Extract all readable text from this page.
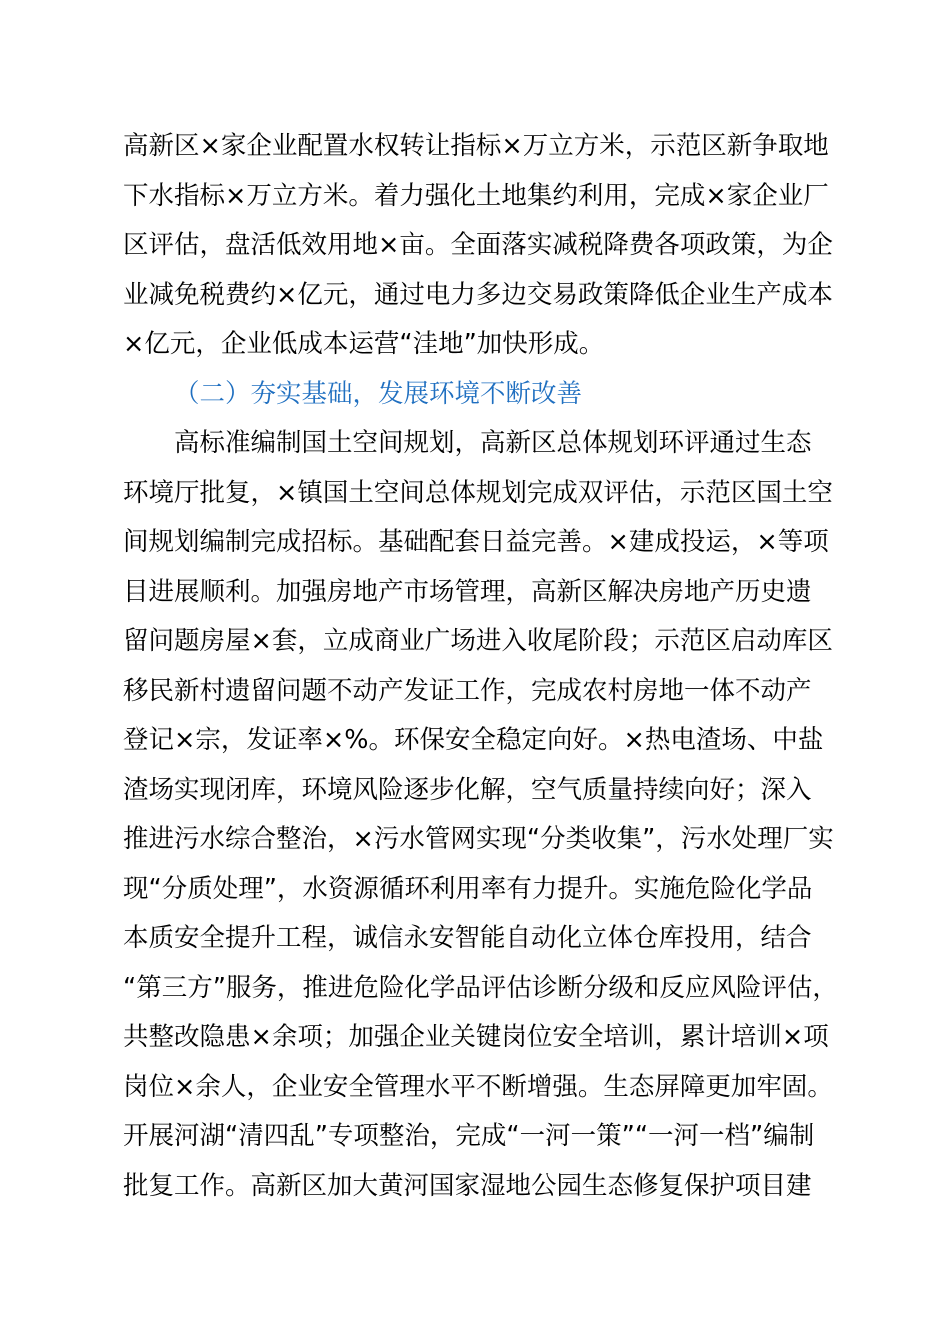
高新区×家企业配置水权转让指标×万立方米，示范区新争取地
下水指标×万立方米。着力强化土地集约利用，完成×家企业厂
区评估，盘活低效用地×亩。全面落实减税降费各项政策，为企
业减免税费约×亿元，通过电力多边交易政策降低企业生产成本
×亿元，企业低成本运营“洼地”加快形成。
（二）夯实基础，发展环境不断改善
高标准编制国土空间规划，高新区总体规划环评通过生态
环境厅批复，×镇国土空间总体规划完成双评估，示范区国土空
间规划编制完成招标。基础配套日益完善。×建成投运，×等项
目进展顺利。加强房地产市场管理，高新区解决房地产历史遗
留问题房屋×套，立成商业广场进入收尾阶段；示范区启动库区
移民新村遗留问题不动产发证工作，完成农村房地一体不动产
登记×宗，发证率×%。环保安全稳定向好。×热电渣场、中盐
渣场实现闭库，环境风险逐步化解，空气质量持续向好；深入
推进污水综合整治，×污水管网实现“分类收集”，污水处理厂实
现“分质处理”，水资源循环利用率有力提升。实施危险化学品
本质安全提升工程，诚信永安智能自动化立体仓库投用，结合
“第三方”服务，推进危险化学品评估诊断分级和反应风险评估，
共整改隐患×余项；加强企业关键岗位安全培训，累计培训×项
岗位×余人，企业安全管理水平不断增强。生态屏障更加牢固。
开展河湖“清四乱”专项整治，完成“一河一策”“一河一档”编制
批复工作。高新区加大黄河国家湿地公园生态修复保护项目建
